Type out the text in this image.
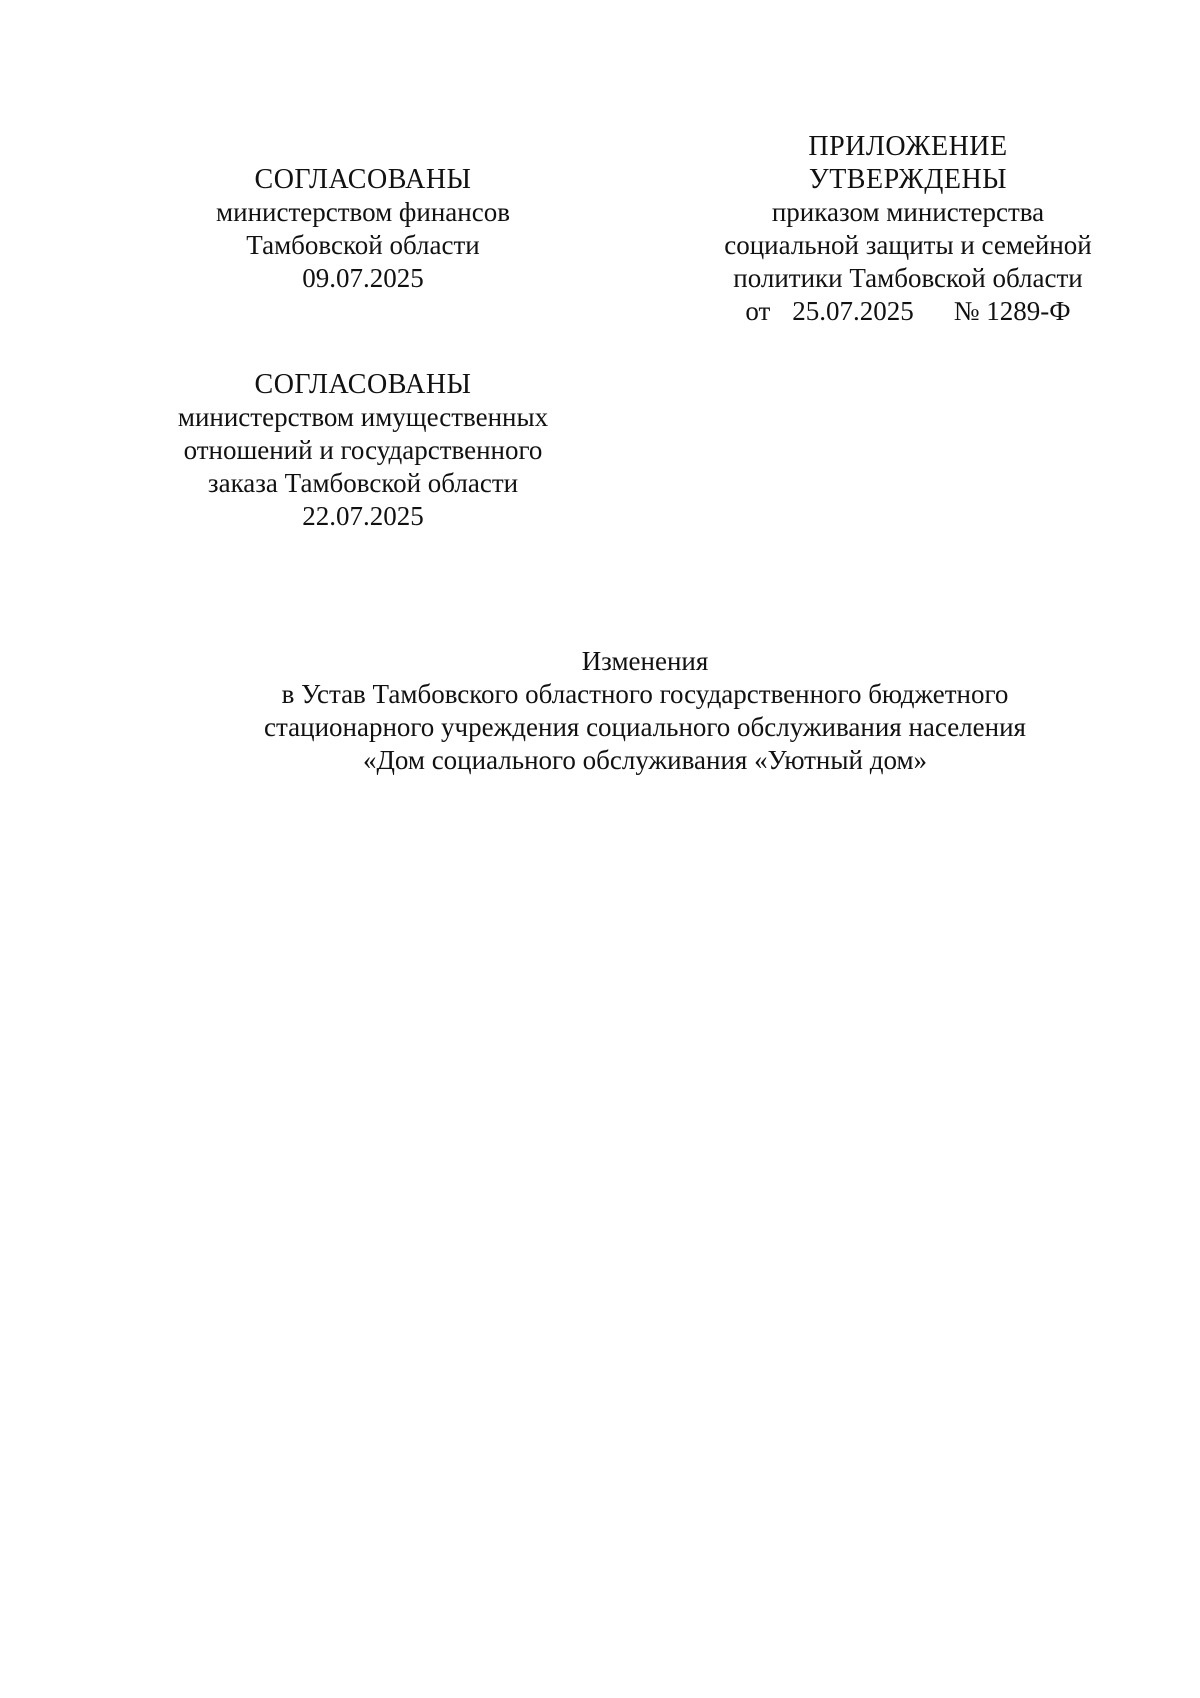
СОГЛАСОВАНЫ
министерством финансов
Тамбовской области
09.07.2025
СОГЛАСОВАНЫ
министерством имущественных
отношений и государственного
заказа Тамбовской области
22.07.2025
ПРИЛОЖЕНИЕ
УТВЕРЖДЕНЫ
приказом министерства
социальной защиты и семейной
политики Тамбовской области
от 25.07.2025 № 1289-Ф
Изменения
в Устав Тамбовского областного государственного бюджетного
стационарного учреждения социального обслуживания населения
«Дом социального обслуживания «Уютный дом»
